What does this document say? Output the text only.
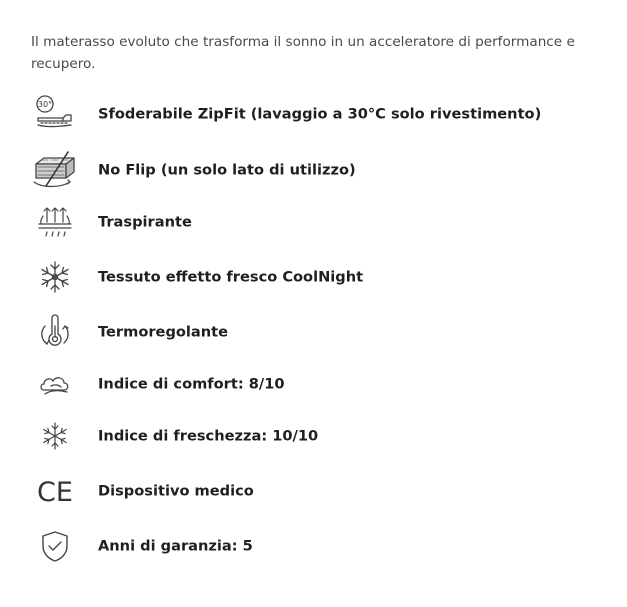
Il materasso evoluto che trasforma il sonno in un acceleratore di performance e recupero.

30°
Sfoderabile ZipFit (lavaggio a 30°C solo rivestimento)
No Flip (un solo lato di utilizzo)
Traspirante
Tessuto effetto fresco CoolNight
Termoregolante
Indice di comfort: 8/10
Indice di freschezza: 10/10
CE Dispositivo medico
Anni di garanzia: 5
